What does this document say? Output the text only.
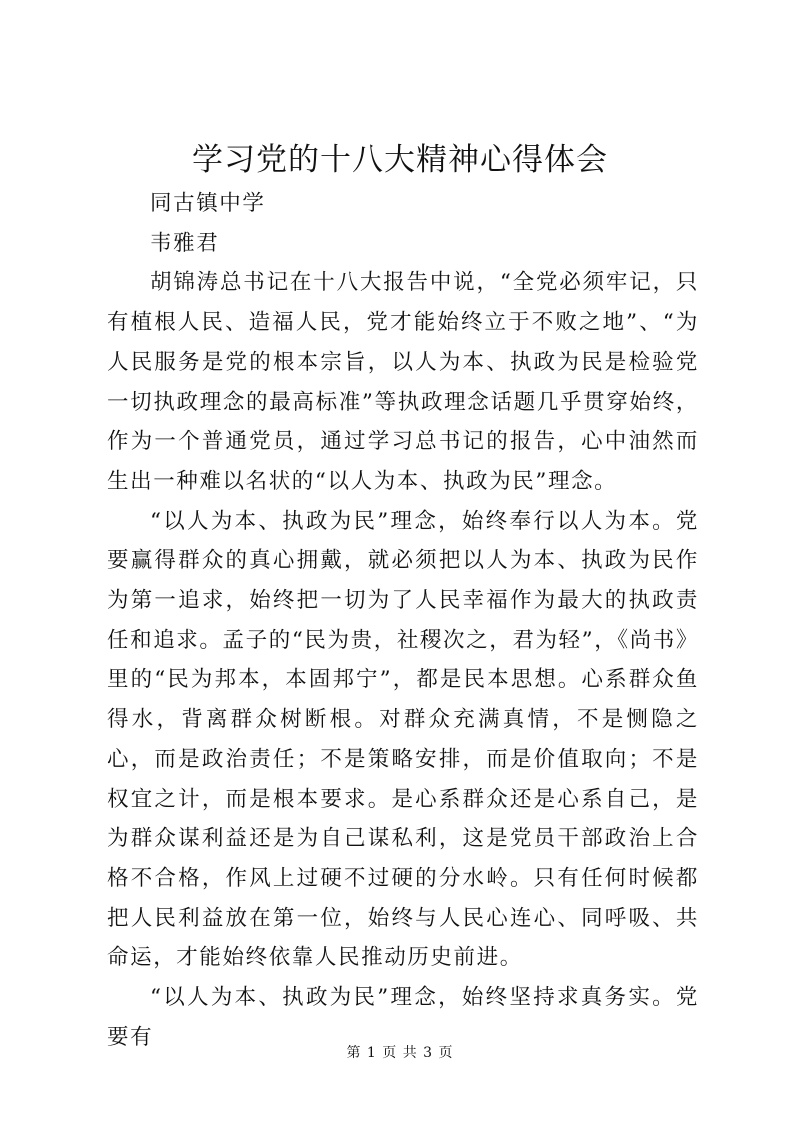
学习党的十八大精神心得体会

同古镇中学

韦雅君

胡锦涛总书记在十八大报告中说，“全党必须牢记，只有植根人民、造福人民，党才能始终立于不败之地”、“为人民服务是党的根本宗旨，以人为本、执政为民是检验党一切执政理念的最高标准”等执政理念话题几乎贯穿始终，作为一个普通党员，通过学习总书记的报告，心中油然而生出一种难以名状的“以人为本、执政为民”理念。

“以人为本、执政为民”理念，始终奉行以人为本。党要赢得群众的真心拥戴，就必须把以人为本、执政为民作为第一追求，始终把一切为了人民幸福作为最大的执政责任和追求。孟子的“民为贵，社稷次之，君为轻”，《尚书》里的“民为邦本，本固邦宁”，都是民本思想。心系群众鱼得水，背离群众树断根。对群众充满真情，不是恻隐之心，而是政治责任；不是策略安排，而是价值取向；不是权宜之计，而是根本要求。是心系群众还是心系自己，是为群众谋利益还是为自己谋私利，这是党员干部政治上合格不合格，作风上过硬不过硬的分水岭。只有任何时候都把人民利益放在第一位，始终与人民心连心、同呼吸、共命运，才能始终依靠人民推动历史前进。

“以人为本、执政为民”理念，始终坚持求真务实。党要有

第 1 页 共 3 页
